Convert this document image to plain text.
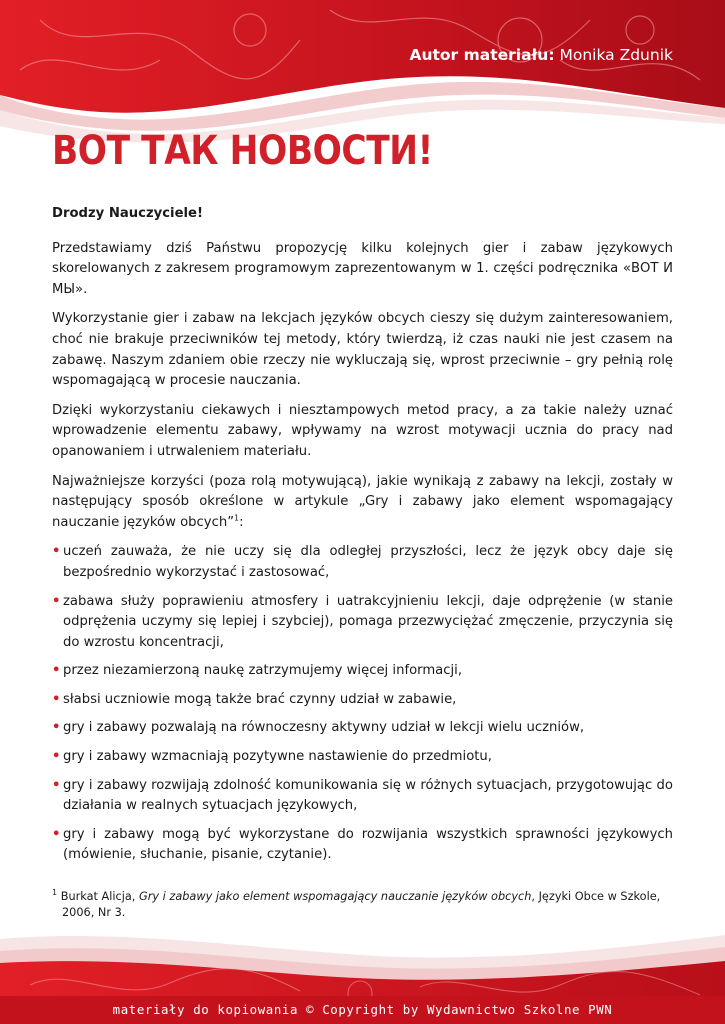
Autor materiału: Monika Zdunik
ВОТ ТАК НОВОСТИ!

Drodzy Nauczyciele!

Przedstawiamy dziś Państwu propozycję kilku kolejnych gier i zabaw językowych skorelowanych z zakresem programowym zaprezentowanym w 1. części podręcznika «ВОТ И МЫ».

Wykorzystanie gier i zabaw na lekcjach języków obcych cieszy się dużym zainteresowaniem, choć nie brakuje przeciwników tej metody, który twierdzą, iż czas nauki nie jest czasem na zabawę. Naszym zdaniem obie rzeczy nie wykluczają się, wprost przeciwnie – gry pełnią rolę wspomagającą w procesie nauczania.

Dzięki wykorzystaniu ciekawych i niesztampowych metod pracy, a za takie należy uznać wprowadzenie elementu zabawy, wpływamy na wzrost motywacji ucznia do pracy nad opanowaniem i utrwaleniem materiału.

Najważniejsze korzyści (poza rolą motywującą), jakie wynikają z zabawy na lekcji, zostały w następujący sposób określone w artykule „Gry i zabawy jako element wspomagający nauczanie języków obcych”$^1$:

• uczeń zauważa, że nie uczy się dla odległej przyszłości, lecz że język obcy daje się bezpośrednio wykorzystać i zastosować,
• zabawa służy poprawieniu atmosfery i uatrakcyjnieniu lekcji, daje odprężenie (w stanie odprężenia uczymy się lepiej i szybciej), pomaga przezwyciężać zmęczenie, przyczynia się do wzrostu koncentracji,
• przez niezamierzoną naukę zatrzymujemy więcej informacji,
• słabsi uczniowie mogą także brać czynny udział w zabawie,
• gry i zabawy pozwalają na równoczesny aktywny udział w lekcji wielu uczniów,
• gry i zabawy wzmacniają pozytywne nastawienie do przedmiotu,
• gry i zabawy rozwijają zdolność komunikowania się w różnych sytuacjach, przygotowując do działania w realnych sytuacjach językowych,
• gry i zabawy mogą być wykorzystane do rozwijania wszystkich sprawności językowych (mówienie, słuchanie, pisanie, czytanie).
$^1$ Burkat Alicja, Gry i zabawy jako element wspomagający nauczanie języków obcych, Języki Obce w Szkole,
2006, Nr 3.
materiały do kopiowania © Copyright by Wydawnictwo Szkolne PWN
